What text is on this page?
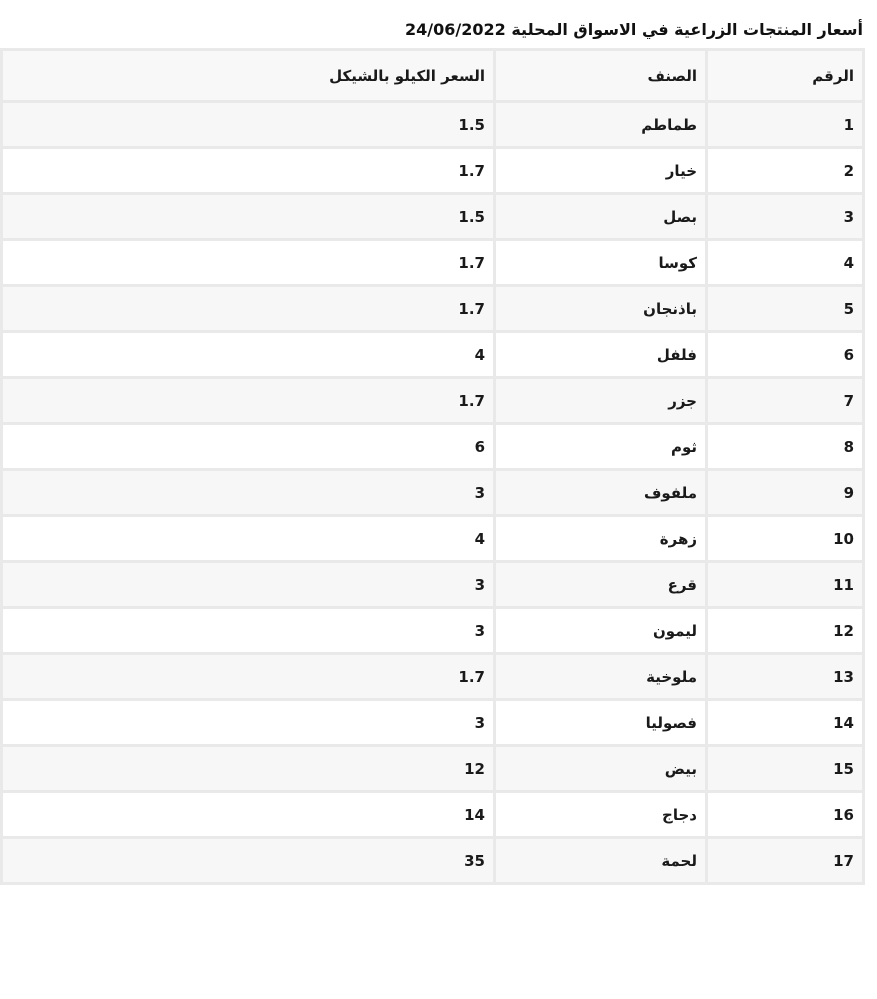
أسعار المنتجات الزراعية في الاسواق المحلية 24/06/2022
الرقم	الصنف	السعر الكيلو بالشيكل
1	طماطم	1.5
2	خيار	1.7
3	بصل	1.5
4	كوسا	1.7
5	باذنجان	1.7
6	فلفل	4
7	جزر	1.7
8	ثوم	6
9	ملفوف	3
10	زهرة	4
11	قرع	3
12	ليمون	3
13	ملوخية	1.7
14	فصوليا	3
15	بيض	12
16	دجاج	14
17	لحمة	35
